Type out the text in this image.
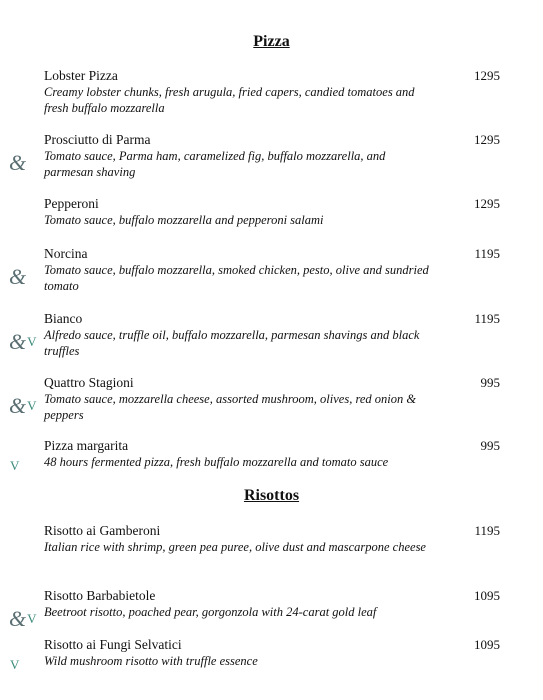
Pizza
Lobster Pizza
Creamy lobster chunks, fresh arugula, fried capers, candied tomatoes and fresh buffalo mozzarella
1295
Prosciutto di Parma
Tomato sauce, Parma ham, caramelized fig, buffalo mozzarella, and parmesan shaving
1295
&
Pepperoni
Tomato sauce, buffalo mozzarella and pepperoni salami
1295
Norcina
Tomato sauce, buffalo mozzarella, smoked chicken, pesto, olive and sundried tomato
1195
&
Bianco
Alfredo sauce, truffle oil, buffalo mozzarella, parmesan shavings and black truffles
1195
& V
Quattro Stagioni
Tomato sauce, mozzarella cheese, assorted mushroom, olives, red onion & peppers
995
& V
Pizza margarita
48 hours fermented pizza, fresh buffalo mozzarella and tomato sauce
995
V
Risottos
Risotto ai Gamberoni
Italian rice with shrimp, green pea puree, olive dust and mascarpone cheese
1195
Risotto Barbabietole
Beetroot risotto, poached pear, gorgonzola with 24-carat gold leaf
1095
& V
Risotto ai Fungi Selvatici
Wild mushroom risotto with truffle essence
1095
V
